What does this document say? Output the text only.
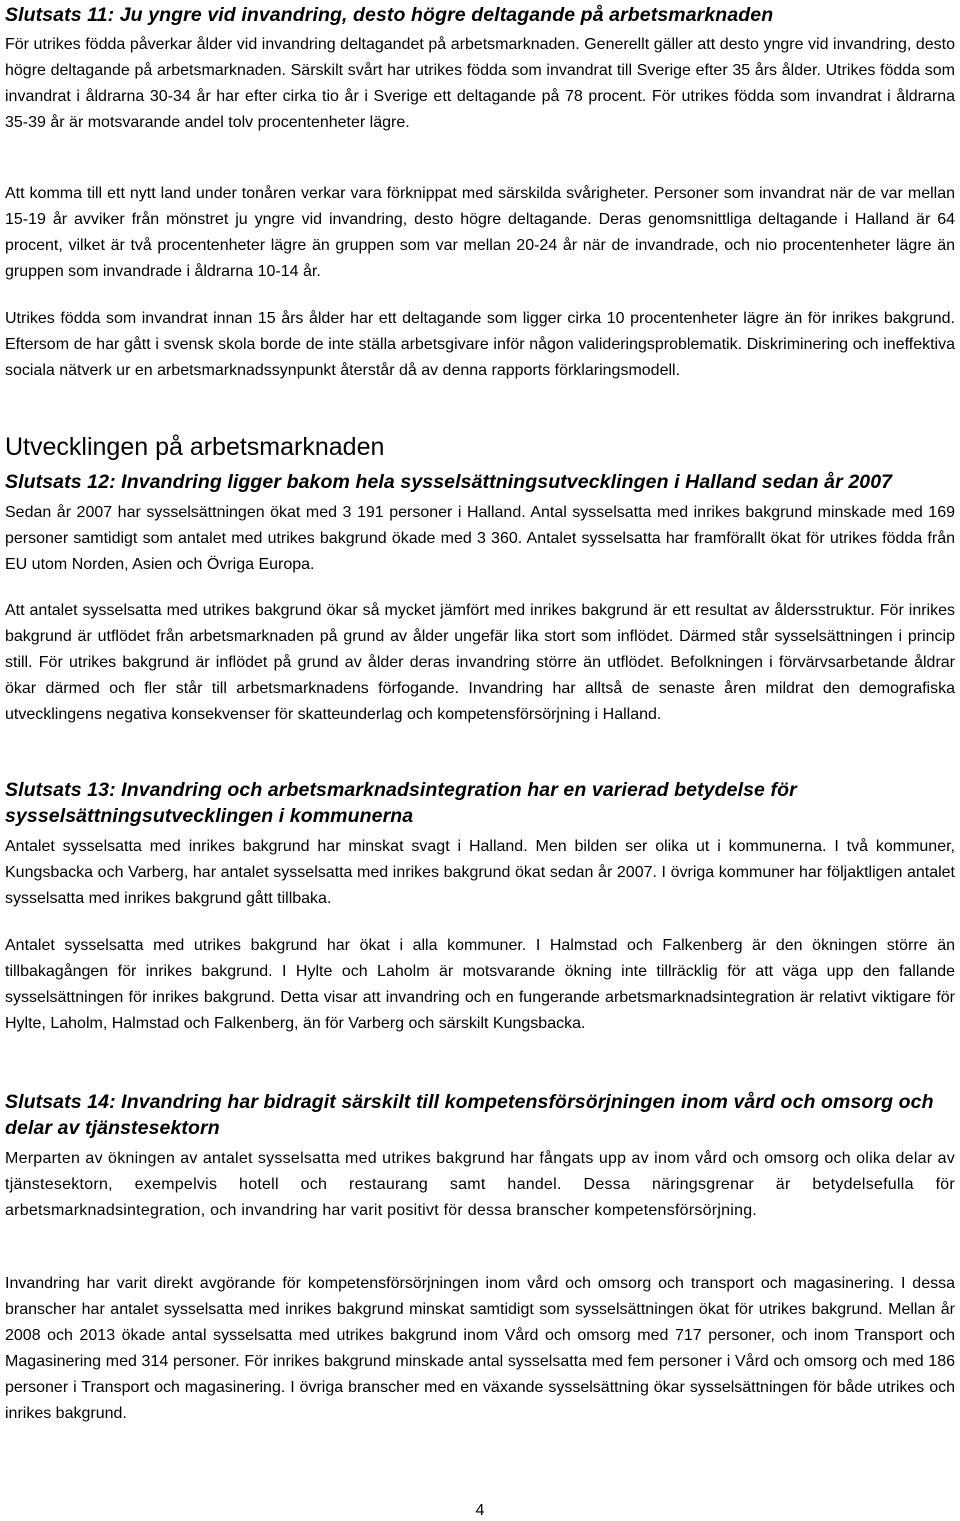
Slutsats 11: Ju yngre vid invandring, desto högre deltagande på arbetsmarknaden

För utrikes födda påverkar ålder vid invandring deltagandet på arbetsmarknaden. Generellt gäller att desto yngre vid invandring, desto högre deltagande på arbetsmarknaden. Särskilt svårt har utrikes födda som invandrat till Sverige efter 35 års ålder. Utrikes födda som invandrat i åldrarna 30-34 år har efter cirka tio år i Sverige ett deltagande på 78 procent. För utrikes födda som invandrat i åldrarna 35-39 år är motsvarande andel tolv procentenheter lägre.

Att komma till ett nytt land under tonåren verkar vara förknippat med särskilda svårigheter. Personer som invandrat när de var mellan 15-19 år avviker från mönstret ju yngre vid invandring, desto högre deltagande. Deras genomsnittliga deltagande i Halland är 64 procent, vilket är två procentenheter lägre än gruppen som var mellan 20-24 år när de invandrade, och nio procentenheter lägre än gruppen som invandrade i åldrarna 10-14 år.

Utrikes födda som invandrat innan 15 års ålder har ett deltagande som ligger cirka 10 procentenheter lägre än för inrikes bakgrund. Eftersom de har gått i svensk skola borde de inte ställa arbetsgivare inför någon valideringsproblematik. Diskriminering och ineffektiva sociala nätverk ur en arbetsmarknadssynpunkt återstår då av denna rapports förklaringsmodell.

Utvecklingen på arbetsmarknaden
Slutsats 12: Invandring ligger bakom hela sysselsättningsutvecklingen i Halland sedan år 2007

Sedan år 2007 har sysselsättningen ökat med 3 191 personer i Halland. Antal sysselsatta med inrikes bakgrund minskade med 169 personer samtidigt som antalet med utrikes bakgrund ökade med 3 360. Antalet sysselsatta har framförallt ökat för utrikes födda från EU utom Norden, Asien och Övriga Europa.

Att antalet sysselsatta med utrikes bakgrund ökar så mycket jämfört med inrikes bakgrund är ett resultat av åldersstruktur. För inrikes bakgrund är utflödet från arbetsmarknaden på grund av ålder ungefär lika stort som inflödet. Därmed står sysselsättningen i princip still. För utrikes bakgrund är inflödet på grund av ålder deras invandring större än utflödet. Befolkningen i förvärvsarbetande åldrar ökar därmed och fler står till arbetsmarknadens förfogande. Invandring har alltså de senaste åren mildrat den demografiska utvecklingens negativa konsekvenser för skatteunderlag och kompetensförsörjning i Halland.

Slutsats 13: Invandring och arbetsmarknadsintegration har en varierad betydelse för sysselsättningsutvecklingen i kommunerna

Antalet sysselsatta med inrikes bakgrund har minskat svagt i Halland. Men bilden ser olika ut i kommunerna. I två kommuner, Kungsbacka och Varberg, har antalet sysselsatta med inrikes bakgrund ökat sedan år 2007. I övriga kommuner har följaktligen antalet sysselsatta med inrikes bakgrund gått tillbaka.

Antalet sysselsatta med utrikes bakgrund har ökat i alla kommuner. I Halmstad och Falkenberg är den ökningen större än tillbakagången för inrikes bakgrund. I Hylte och Laholm är motsvarande ökning inte tillräcklig för att väga upp den fallande sysselsättningen för inrikes bakgrund. Detta visar att invandring och en fungerande arbetsmarknadsintegration är relativt viktigare för Hylte, Laholm, Halmstad och Falkenberg, än för Varberg och särskilt Kungsbacka.

Slutsats 14: Invandring har bidragit särskilt till kompetensförsörjningen inom vård och omsorg och delar av tjänstesektorn

Merparten av ökningen av antalet sysselsatta med utrikes bakgrund har fångats upp av inom vård och omsorg och olika delar av tjänstesektorn, exempelvis hotell och restaurang samt handel. Dessa näringsgrenar är betydelsefulla för arbetsmarknadsintegration, och invandring har varit positivt för dessa branscher kompetensförsörjning.

Invandring har varit direkt avgörande för kompetensförsörjningen inom vård och omsorg och transport och magasinering. I dessa branscher har antalet sysselsatta med inrikes bakgrund minskat samtidigt som sysselsättningen ökat för utrikes bakgrund. Mellan år 2008 och 2013 ökade antal sysselsatta med utrikes bakgrund inom Vård och omsorg med 717 personer, och inom Transport och Magasinering med 314 personer. För inrikes bakgrund minskade antal sysselsatta med fem personer i Vård och omsorg och med 186 personer i Transport och magasinering. I övriga branscher med en växande sysselsättning ökar sysselsättningen för både utrikes och inrikes bakgrund.

4
